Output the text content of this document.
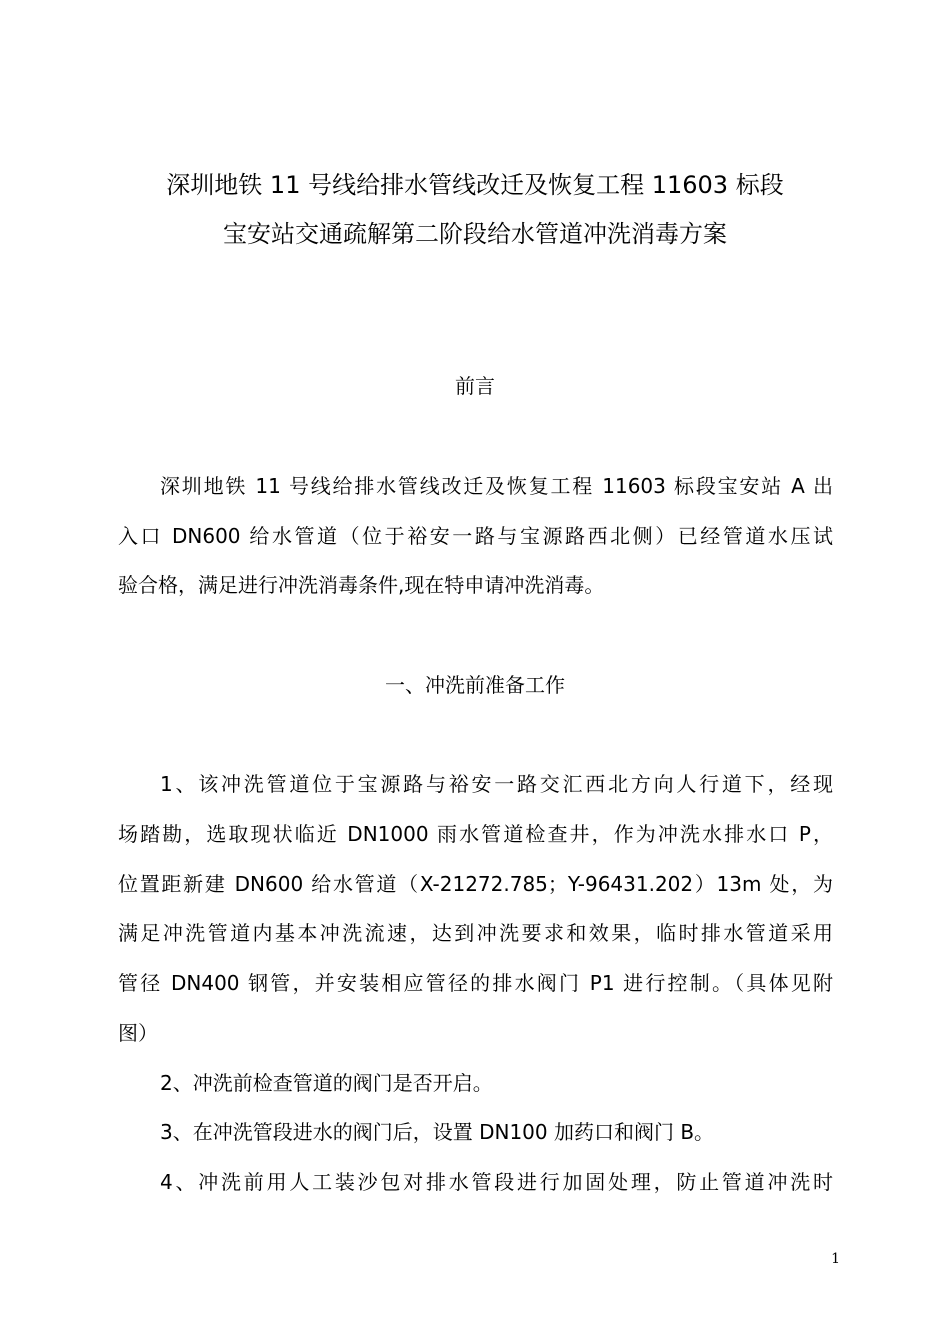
深圳地铁 11 号线给排水管线改迁及恢复工程 11603 标段
宝安站交通疏解第二阶段给水管道冲洗消毒方案
前言
深圳地铁 11 号线给排水管线改迁及恢复工程 11603 标段宝安站 A 出
入口 DN600 给水管道（位于裕安一路与宝源路西北侧）已经管道水压试
验合格，满足进行冲洗消毒条件,现在特申请冲洗消毒。
一、冲洗前准备工作
1、该冲洗管道位于宝源路与裕安一路交汇西北方向人行道下，经现
场踏勘，选取现状临近 DN1000 雨水管道检查井，作为冲洗水排水口 P，
位置距新建 DN600 给水管道（X-21272.785；Y-96431.202）13m 处，为
满足冲洗管道内基本冲洗流速，达到冲洗要求和效果，临时排水管道采用
管径 DN400 钢管，并安装相应管径的排水阀门 P1 进行控制。（具体见附
图）
2、冲洗前检查管道的阀门是否开启。
3、在冲洗管段进水的阀门后，设置 DN100 加药口和阀门 B。
4、冲洗前用人工装沙包对排水管段进行加固处理，防止管道冲洗时
1
